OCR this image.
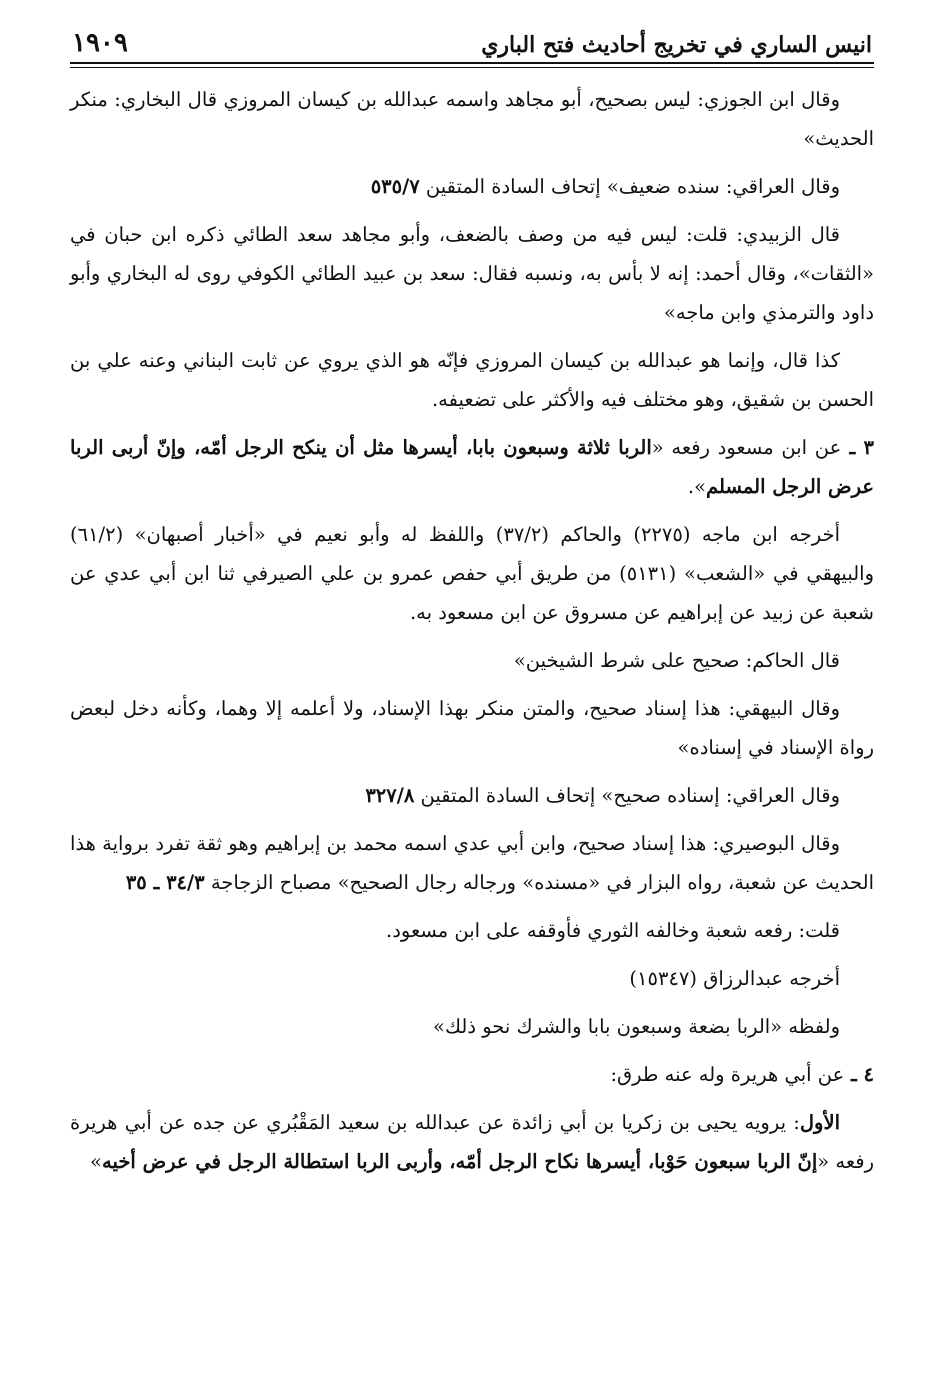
انيس الساري في تخريج أحاديث فتح الباري
١٩٠٩

وقال ابن الجوزي: ليس بصحيح، أبو مجاهد واسمه عبدالله بن كيسان المروزي قال البخاري: منكر الحديث»

وقال العراقي: سنده ضعيف» إتحاف السادة المتقين ٥٣٥/٧

قال الزبيدي: قلت: ليس فيه من وصف بالضعف، وأبو مجاهد سعد الطائي ذكره ابن حبان في «الثقات»، وقال أحمد: إنه لا بأس به، ونسبه فقال: سعد بن عبيد الطائي الكوفي روى له البخاري وأبو داود والترمذي وابن ماجه»

كذا قال، وإنما هو عبدالله بن كيسان المروزي فإنّه هو الذي يروي عن ثابت البناني وعنه علي بن الحسن بن شقيق، وهو مختلف فيه والأكثر على تضعيفه.

٣ ـ عن ابن مسعود رفعه «الربا ثلاثة وسبعون بابا، أيسرها مثل أن ينكح الرجل أمّه، وإنّ أربى الربا عرض الرجل المسلم».

أخرجه ابن ماجه (٢٢٧٥) والحاكم (٣٧/٢) واللفظ له وأبو نعيم في «أخبار أصبهان» (٦١/٢) والبيهقي في «الشعب» (٥١٣١) من طريق أبي حفص عمرو بن علي الصيرفي ثنا ابن أبي عدي عن شعبة عن زبيد عن إبراهيم عن مسروق عن ابن مسعود به.

قال الحاكم: صحيح على شرط الشيخين»

وقال البيهقي: هذا إسناد صحيح، والمتن منكر بهذا الإسناد، ولا أعلمه إلا وهما، وكأنه دخل لبعض رواة الإسناد في إسناده»

وقال العراقي: إسناده صحيح» إتحاف السادة المتقين ٣٢٧/٨

وقال البوصيري: هذا إسناد صحيح، وابن أبي عدي اسمه محمد بن إبراهيم وهو ثقة تفرد برواية هذا الحديث عن شعبة، رواه البزار في «مسنده» ورجاله رجال الصحيح» مصباح الزجاجة ٣٤/٣ ـ ٣٥

قلت: رفعه شعبة وخالفه الثوري فأوقفه على ابن مسعود.

أخرجه عبدالرزاق (١٥٣٤٧)

ولفظه «الربا بضعة وسبعون بابا والشرك نحو ذلك»

٤ ـ عن أبي هريرة وله عنه طرق:

الأول: يرويه يحيى بن زكريا بن أبي زائدة عن عبدالله بن سعيد المَقْبُري عن جده عن أبي هريرة رفعه «إنّ الربا سبعون حَوْبا، أيسرها نكاح الرجل أمّه، وأربى الربا استطالة الرجل في عرض أخيه»
